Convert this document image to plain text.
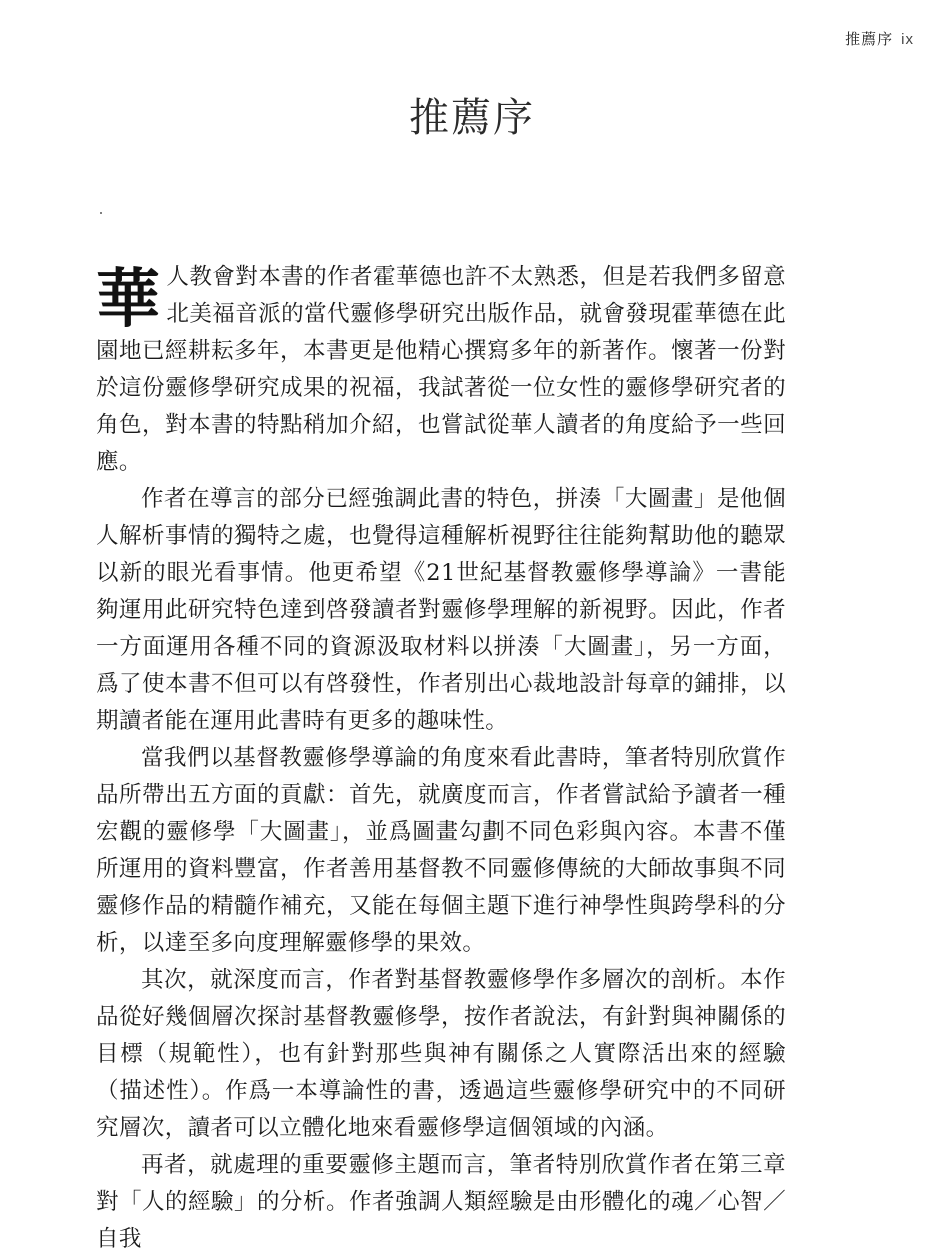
推薦序 ix
推薦序

華人教會對本書的作者霍華德也許不太熟悉，但是若我們多留意北美福音派的當代靈修學研究出版作品，就會發現霍華德在此園地已經耕耘多年，本書更是他精心撰寫多年的新著作。懷著一份對於這份靈修學研究成果的祝福，我試著從一位女性的靈修學研究者的角色，對本書的特點稍加介紹，也嘗試從華人讀者的角度給予一些回應。

作者在導言的部分已經強調此書的特色，拼湊「大圖畫」是他個人解析事情的獨特之處，也覺得這種解析視野往往能夠幫助他的聽眾以新的眼光看事情。他更希望《21世紀基督教靈修學導論》一書能夠運用此研究特色達到啓發讀者對靈修學理解的新視野。因此，作者一方面運用各種不同的資源汲取材料以拼湊「大圖畫」，另一方面，爲了使本書不但可以有啓發性，作者別出心裁地設計每章的鋪排，以期讀者能在運用此書時有更多的趣味性。

當我們以基督教靈修學導論的角度來看此書時，筆者特別欣賞作品所帶出五方面的貢獻：首先，就廣度而言，作者嘗試給予讀者一種宏觀的靈修學「大圖畫」，並爲圖畫勾劃不同色彩與內容。本書不僅所運用的資料豐富，作者善用基督教不同靈修傳統的大師故事與不同靈修作品的精髓作補充，又能在每個主題下進行神學性與跨學科的分析，以達至多向度理解靈修學的果效。

其次，就深度而言，作者對基督教靈修學作多層次的剖析。本作品從好幾個層次探討基督教靈修學，按作者說法，有針對與神關係的目標（規範性），也有針對那些與神有關係之人實際活出來的經驗（描述性）。作爲一本導論性的書，透過這些靈修學研究中的不同研究層次，讀者可以立體化地來看靈修學這個領域的內涵。

再者，就處理的重要靈修主題而言，筆者特別欣賞作者在第三章對「人的經驗」的分析。作者強調人類經驗是由形體化的魂／心智／自我
